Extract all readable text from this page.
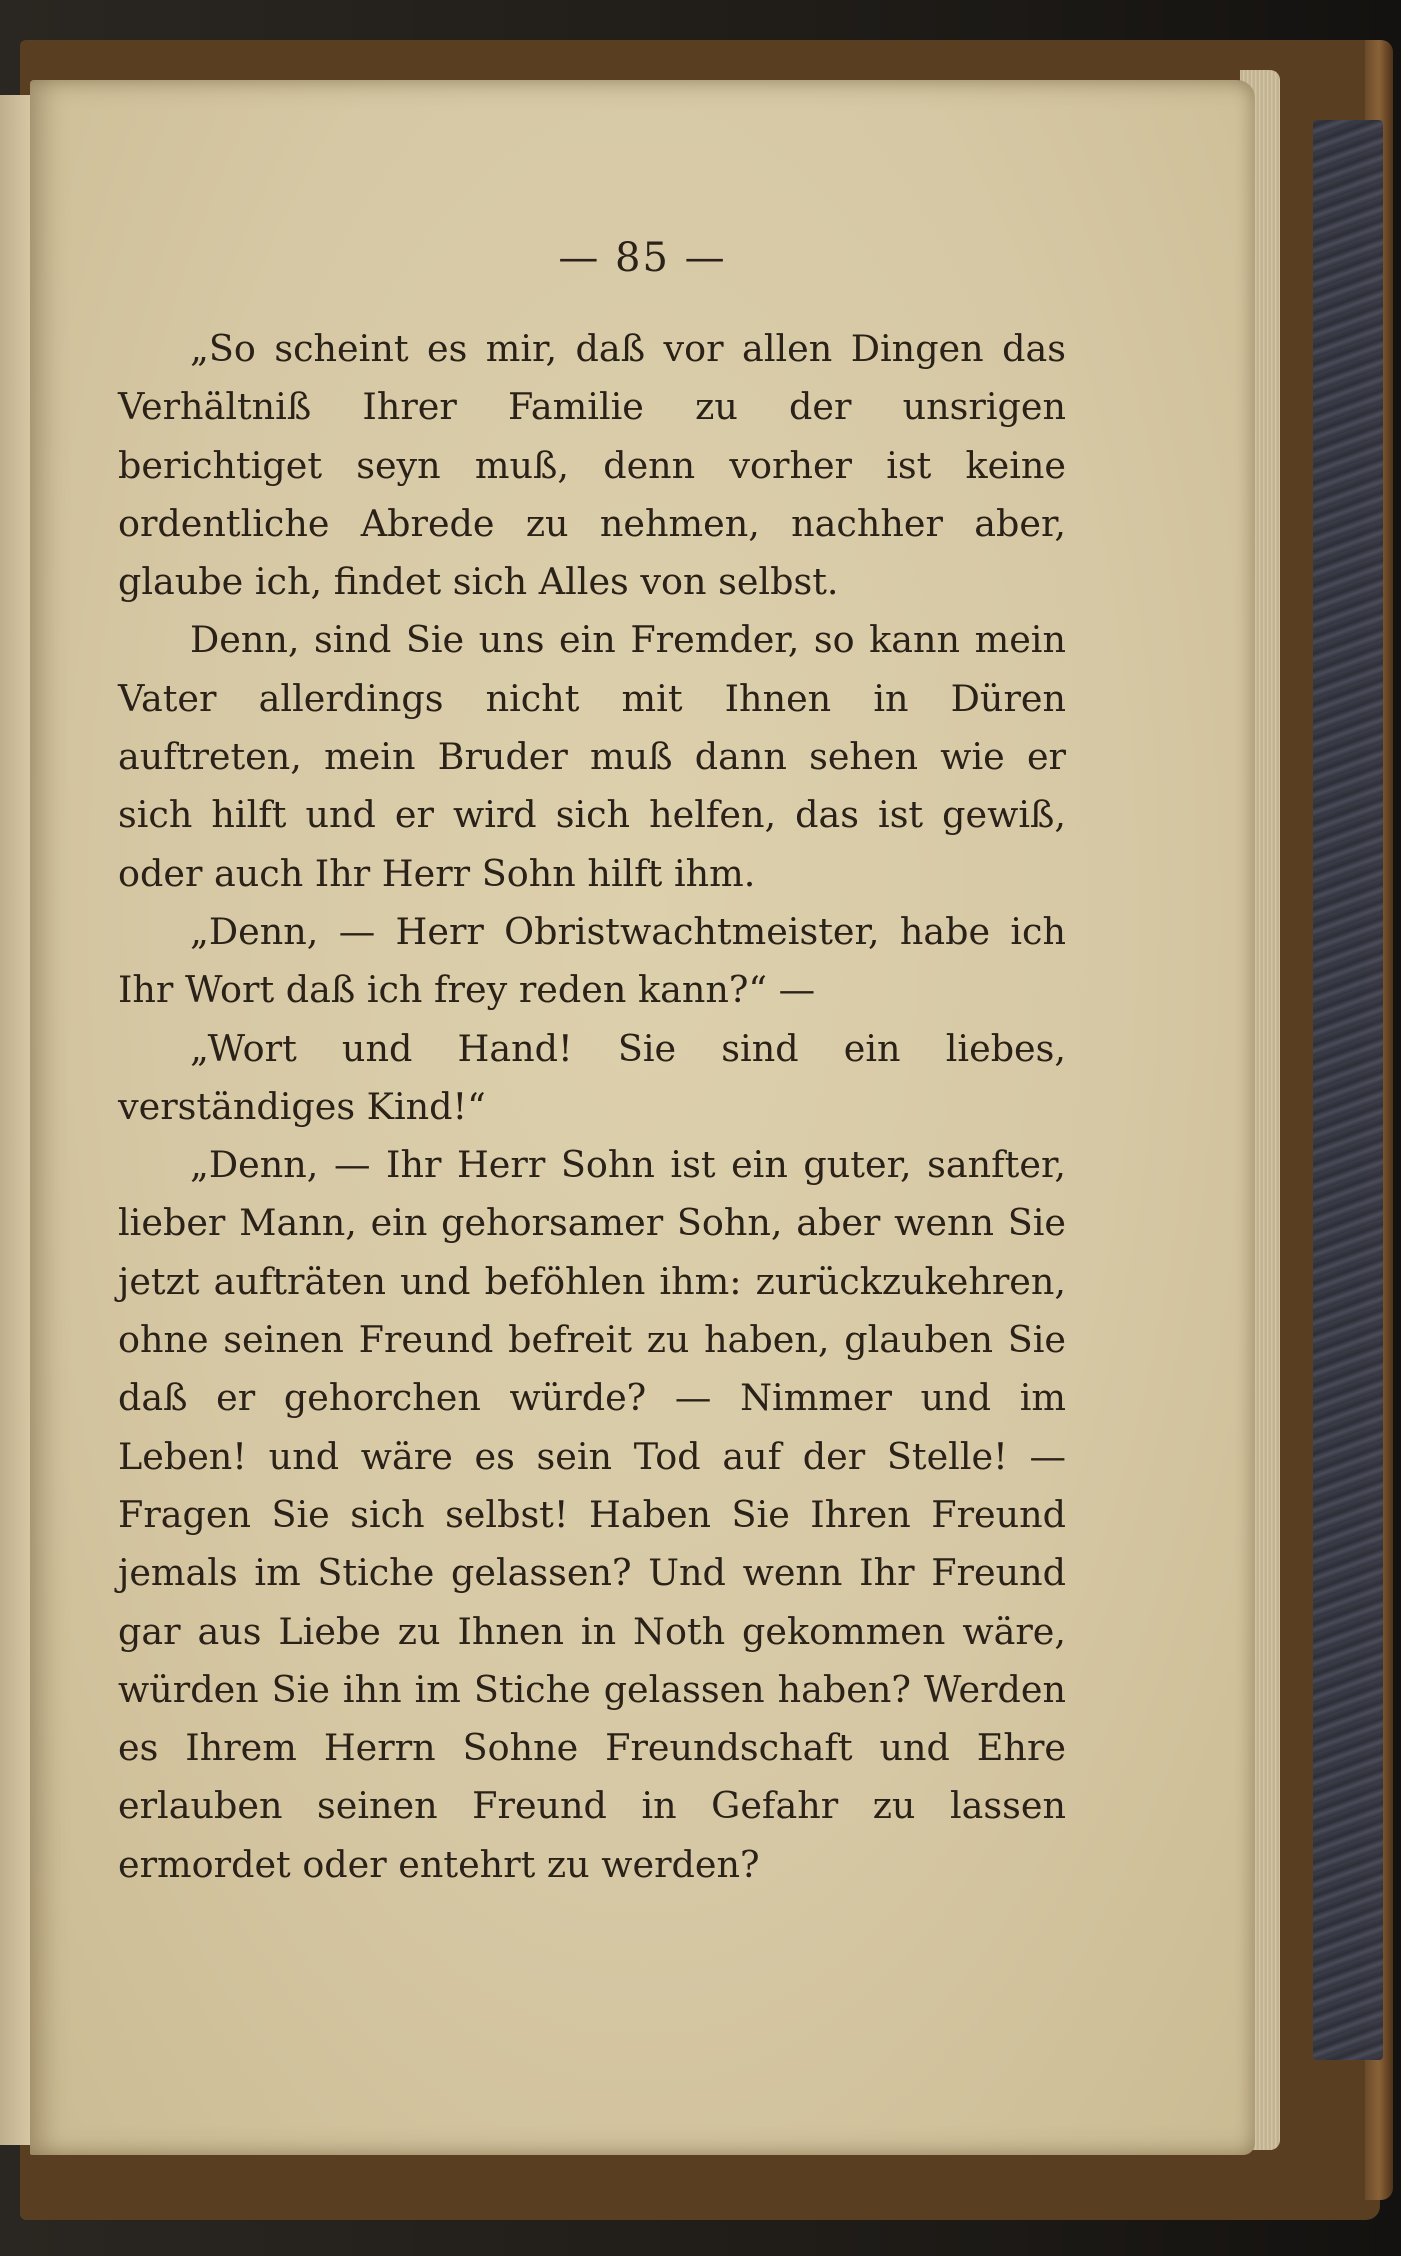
— 85 —

„So scheint es mir, daß vor allen Dingen das Verhältniß Ihrer Familie zu der unsrigen berichtiget seyn muß, denn vorher ist keine ordentliche Abrede zu nehmen, nachher aber, glaube ich, findet sich Alles von selbst.

Denn, sind Sie uns ein Fremder, so kann mein Vater allerdings nicht mit Ihnen in Düren auftreten, mein Bruder muß dann sehen wie er sich hilft und er wird sich helfen, das ist gewiß, oder auch Ihr Herr Sohn hilft ihm.

„Denn, — Herr Obristwachtmeister, habe ich Ihr Wort daß ich frey reden kann?“ —

„Wort und Hand! Sie sind ein liebes, verständiges Kind!“

„Denn, — Ihr Herr Sohn ist ein guter, sanfter, lieber Mann, ein gehorsamer Sohn, aber wenn Sie jetzt aufträten und beföhlen ihm: zurückzukehren, ohne seinen Freund befreit zu haben, glauben Sie daß er gehorchen würde? — Nimmer und im Leben! und wäre es sein Tod auf der Stelle! — Fragen Sie sich selbst! Haben Sie Ihren Freund jemals im Stiche gelassen? Und wenn Ihr Freund gar aus Liebe zu Ihnen in Noth gekommen wäre, würden Sie ihn im Stiche gelassen haben? Werden es Ihrem Herrn Sohne Freundschaft und Ehre erlauben seinen Freund in Gefahr zu lassen ermordet oder entehrt zu werden?
